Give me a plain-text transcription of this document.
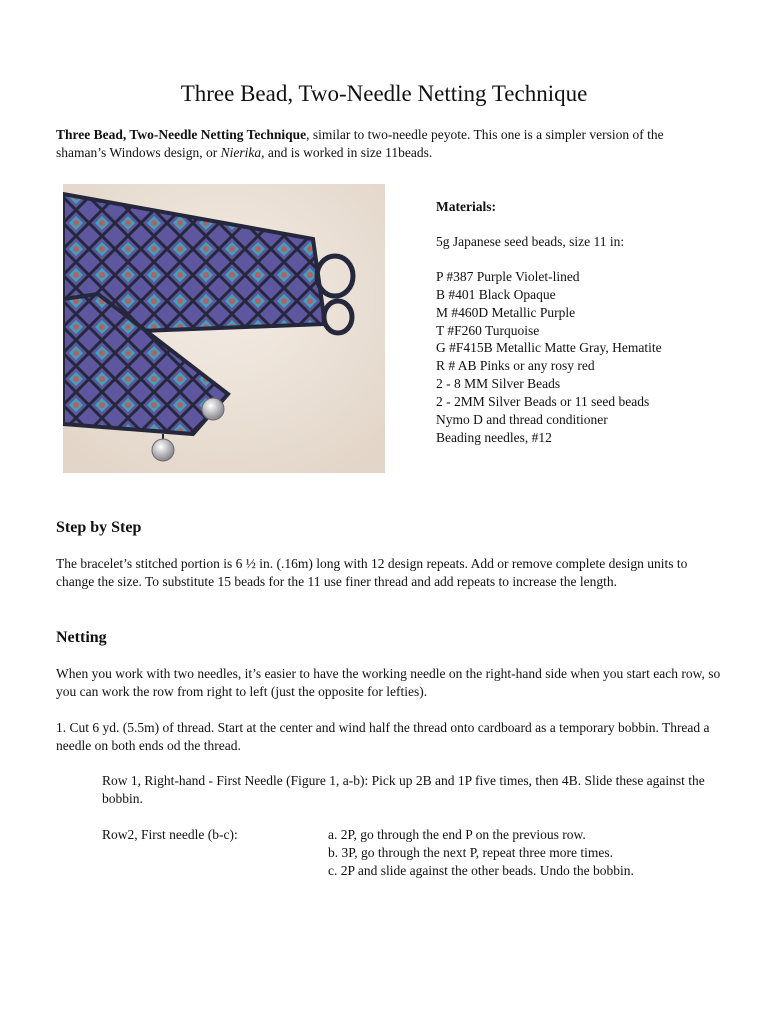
Three Bead, Two-Needle Netting Technique

Three Bead, Two-Needle Netting Technique, similar to two-needle peyote. This one is a simpler version of the shaman’s Windows design, or Nierika, and is worked in size 11beads.

Materials:

5g Japanese seed beads, size 11 in:

P #387 Purple Violet-lined
B #401 Black Opaque
M #460D Metallic Purple
T #F260 Turquoise
G #F415B Metallic Matte Gray, Hematite
R # AB Pinks or any rosy red
2 - 8 MM Silver Beads
2 - 2MM Silver Beads or 11 seed beads
Nymo D and thread conditioner
Beading needles, #12
Step by Step

The bracelet’s stitched portion is 6 ½ in. (.16m) long with 12 design repeats. Add or remove complete design units to change the size. To substitute 15 beads for the 11 use finer thread and add repeats to increase the length.

Netting

When you work with two needles, it’s easier to have the working needle on the right-hand side when you start each row, so you can work the row from right to left (just the opposite for lefties).

1. Cut 6 yd. (5.5m) of thread. Start at the center and wind half the thread onto cardboard as a temporary bobbin. Thread a needle on both ends od the thread.

Row 1, Right-hand - First Needle (Figure 1, a-b): Pick up 2B and 1P five times, then 4B. Slide these against the bobbin.

Row2, First needle (b-c):	a. 2P, go through the end P on the previous row.
b. 3P, go through the next P, repeat three more times.
c. 2P and slide against the other beads. Undo the bobbin.
